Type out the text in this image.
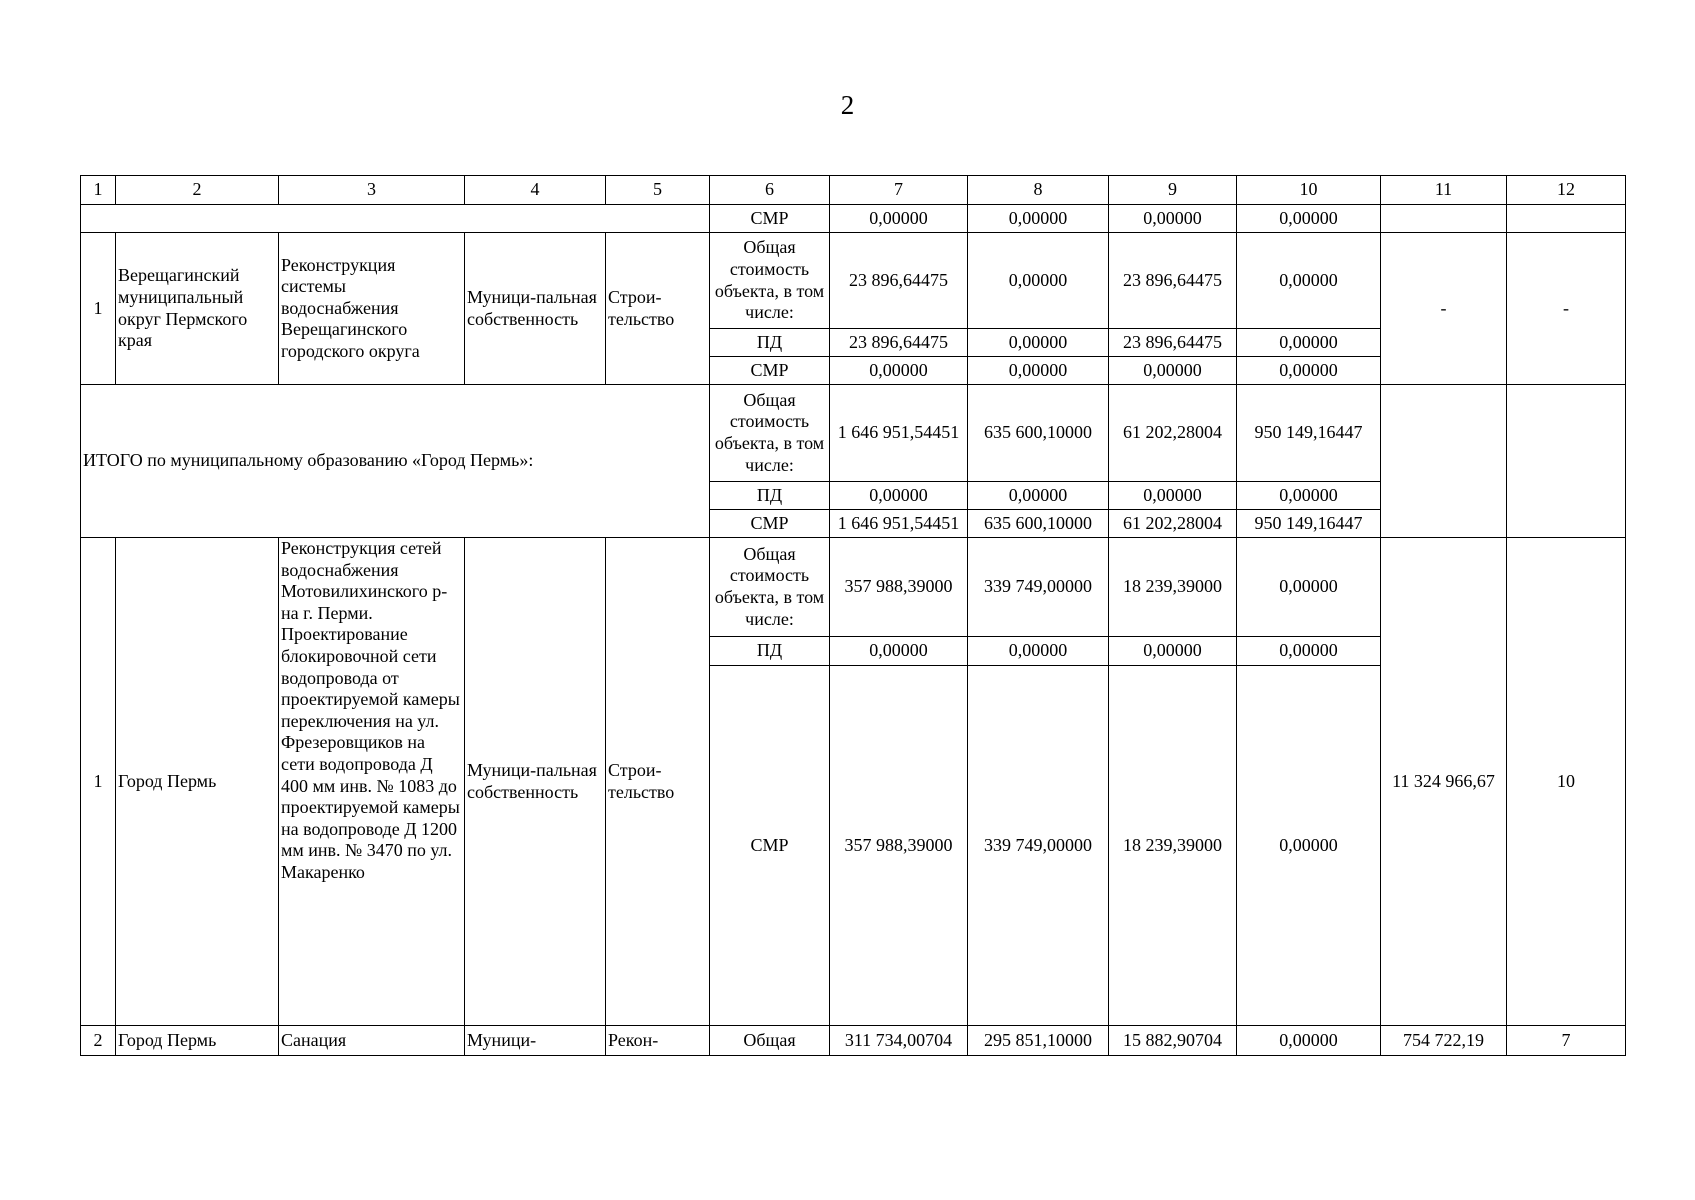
2
1	2	3	4	5	6	7	8	9	10	11	12
					СМР	0,00000	0,00000	0,00000	0,00000		
1	Верещагинский муниципальный округ Пермского края	Реконструкция системы водоснабжения Верещагинского городского округа	Муници-пальная собственность	Строи-тельство	Общая стоимость объекта, в том числе:	23 896,64475	0,00000	23 896,64475	0,00000	-	-
					ПД	23 896,64475	0,00000	23 896,64475	0,00000		
					СМР	0,00000	0,00000	0,00000	0,00000		
ИТОГО по муниципальному образованию «Город Пермь»:					Общая стоимость объекта, в том числе:	1 646 951,54451	635 600,10000	61 202,28004	950 149,16447		
					ПД	0,00000	0,00000	0,00000	0,00000		
					СМР	1 646 951,54451	635 600,10000	61 202,28004	950 149,16447		
1	Город Пермь	Реконструкция сетей водоснабжения Мотовилихинского р-на г. Перми. Проектирование блокировочной сети водопровода от проектируемой камеры переключения на ул. Фрезеровщиков на сети водопровода Д 400 мм инв. № 1083 до проектируемой камеры на водопроводе Д 1200 мм инв. № 3470 по ул. Макаренко	Муници-пальная собственность	Строи-тельство	Общая стоимость объекта, в том числе:	357 988,39000	339 749,00000	18 239,39000	0,00000	11 324 966,67	10
					ПД	0,00000	0,00000	0,00000	0,00000		
					СМР	357 988,39000	339 749,00000	18 239,39000	0,00000		
2	Город Пермь	Санация	Муници-	Рекон-	Общая	311 734,00704	295 851,10000	15 882,90704	0,00000	754 722,19	7
